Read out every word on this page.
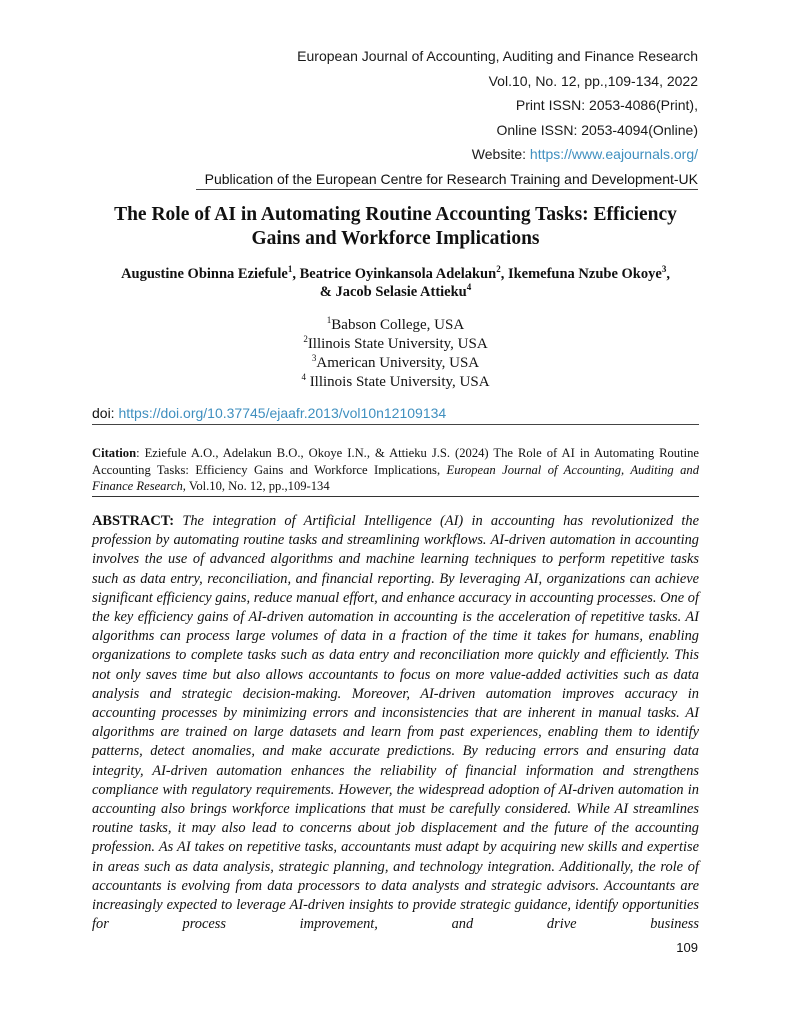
European Journal of Accounting, Auditing and Finance Research
Vol.10, No. 12, pp.,109-134, 2022
Print ISSN: 2053-4086(Print),
Online ISSN: 2053-4094(Online)
Website: https://www.eajournals.org/
Publication of the European Centre for Research Training and Development-UK
The Role of AI in Automating Routine Accounting Tasks: Efficiency
Gains and Workforce Implications
Augustine Obinna Eziefule$^1$, Beatrice Oyinkansola Adelakun$^2$, Ikemefuna Nzube Okoye$^3$,
& Jacob Selasie Attieku$^4$
$^1$Babson College, USA
$^2$Illinois State University, USA
$^3$American University, USA
$^4$ Illinois State University, USA
doi: https://doi.org/10.37745/ejaafr.2013/vol10n12109134
Citation: Eziefule A.O., Adelakun B.O., Okoye I.N., & Attieku J.S. (2024) The Role of AI in Automating Routine Accounting Tasks: Efficiency Gains and Workforce Implications, European Journal of Accounting, Auditing and Finance Research, Vol.10, No. 12, pp.,109-134
ABSTRACT: The integration of Artificial Intelligence (AI) in accounting has revolutionized the profession by automating routine tasks and streamlining workflows. AI-driven automation in accounting involves the use of advanced algorithms and machine learning techniques to perform repetitive tasks such as data entry, reconciliation, and financial reporting. By leveraging AI, organizations can achieve significant efficiency gains, reduce manual effort, and enhance accuracy in accounting processes. One of the key efficiency gains of AI-driven automation in accounting is the acceleration of repetitive tasks. AI algorithms can process large volumes of data in a fraction of the time it takes for humans, enabling organizations to complete tasks such as data entry and reconciliation more quickly and efficiently. This not only saves time but also allows accountants to focus on more value-added activities such as data analysis and strategic decision-making. Moreover, AI-driven automation improves accuracy in accounting processes by minimizing errors and inconsistencies that are inherent in manual tasks. AI algorithms are trained on large datasets and learn from past experiences, enabling them to identify patterns, detect anomalies, and make accurate predictions. By reducing errors and ensuring data integrity, AI-driven automation enhances the reliability of financial information and strengthens compliance with regulatory requirements. However, the widespread adoption of AI-driven automation in accounting also brings workforce implications that must be carefully considered. While AI streamlines routine tasks, it may also lead to concerns about job displacement and the future of the accounting profession. As AI takes on repetitive tasks, accountants must adapt by acquiring new skills and expertise in areas such as data analysis, strategic planning, and technology integration. Additionally, the role of accountants is evolving from data processors to data analysts and strategic advisors. Accountants are increasingly expected to leverage AI-driven insights to provide strategic guidance, identify opportunities for process improvement, and drive business
109
